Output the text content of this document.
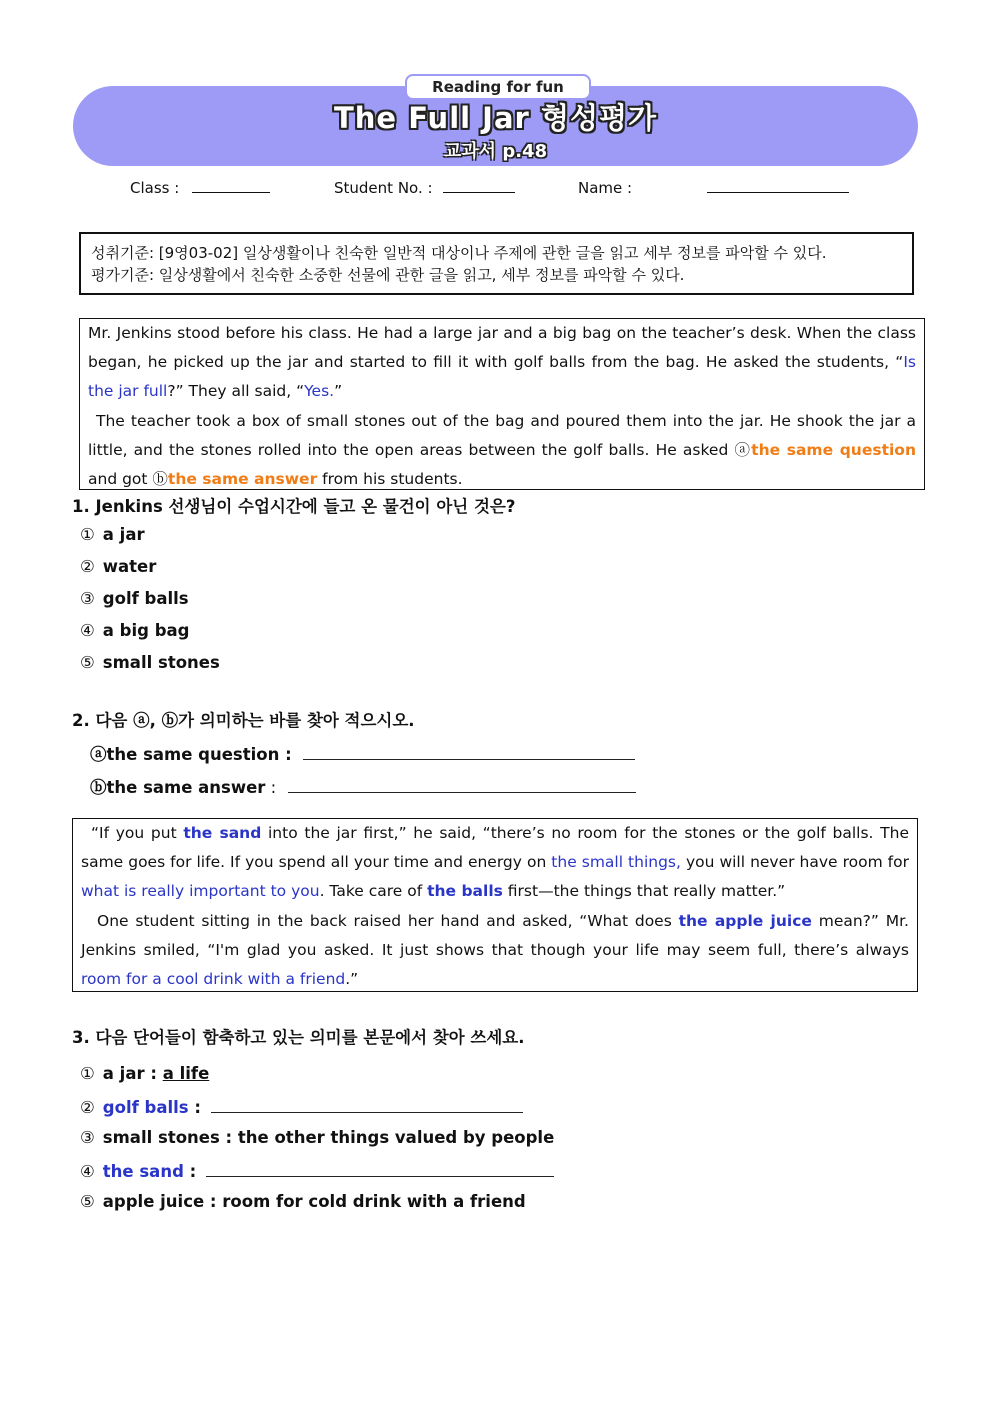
Reading for fun
The Full Jar 형성평가
교과서 p.48
Class :	Student No. :	Name :
성취기준: [9영03-02] 일상생활이나 친숙한 일반적 대상이나 주제에 관한 글을 읽고 세부 정보를 파악할 수 있다.
평가기준: 일상생활에서 친숙한 소중한 선물에 관한 글을 읽고, 세부 정보를 파악할 수 있다.
Mr. Jenkins stood before his class. He had a large jar and a big bag on the teacher’s desk. When the class began, he picked up the jar and started to fill it with golf balls from the bag. He asked the students, “Is the jar full?” They all said, “Yes.”
The teacher took a box of small stones out of the bag and poured them into the jar. He shook the jar a little, and the stones rolled into the open areas between the golf balls. He asked ⓐthe same question and got ⓑthe same answer from his students.
1. Jenkins 선생님이 수업시간에 들고 온 물건이 아닌 것은?
① a jar
② water
③ golf balls
④ a big bag
⑤ small stones
2. 다음 ⓐ, ⓑ가 의미하는 바를 찾아 적으시오.
ⓐthe same question :
ⓑthe same answer :
“If you put the sand into the jar first,” he said, “there’s no room for the stones or the golf balls. The same goes for life. If you spend all your time and energy on the small things, you will never have room for what is really important to you. Take care of the balls first—the things that really matter.”
One student sitting in the back raised her hand and asked, “What does the apple juice mean?” Mr. Jenkins smiled, “I'm glad you asked. It just shows that though your life may seem full, there’s always room for a cool drink with a friend.”
3. 다음 단어들이 함축하고 있는 의미를 본문에서 찾아 쓰세요.
① a jar : a life
② golf balls :
③ small stones : the other things valued by people
④ the sand :
⑤ apple juice : room for cold drink with a friend
